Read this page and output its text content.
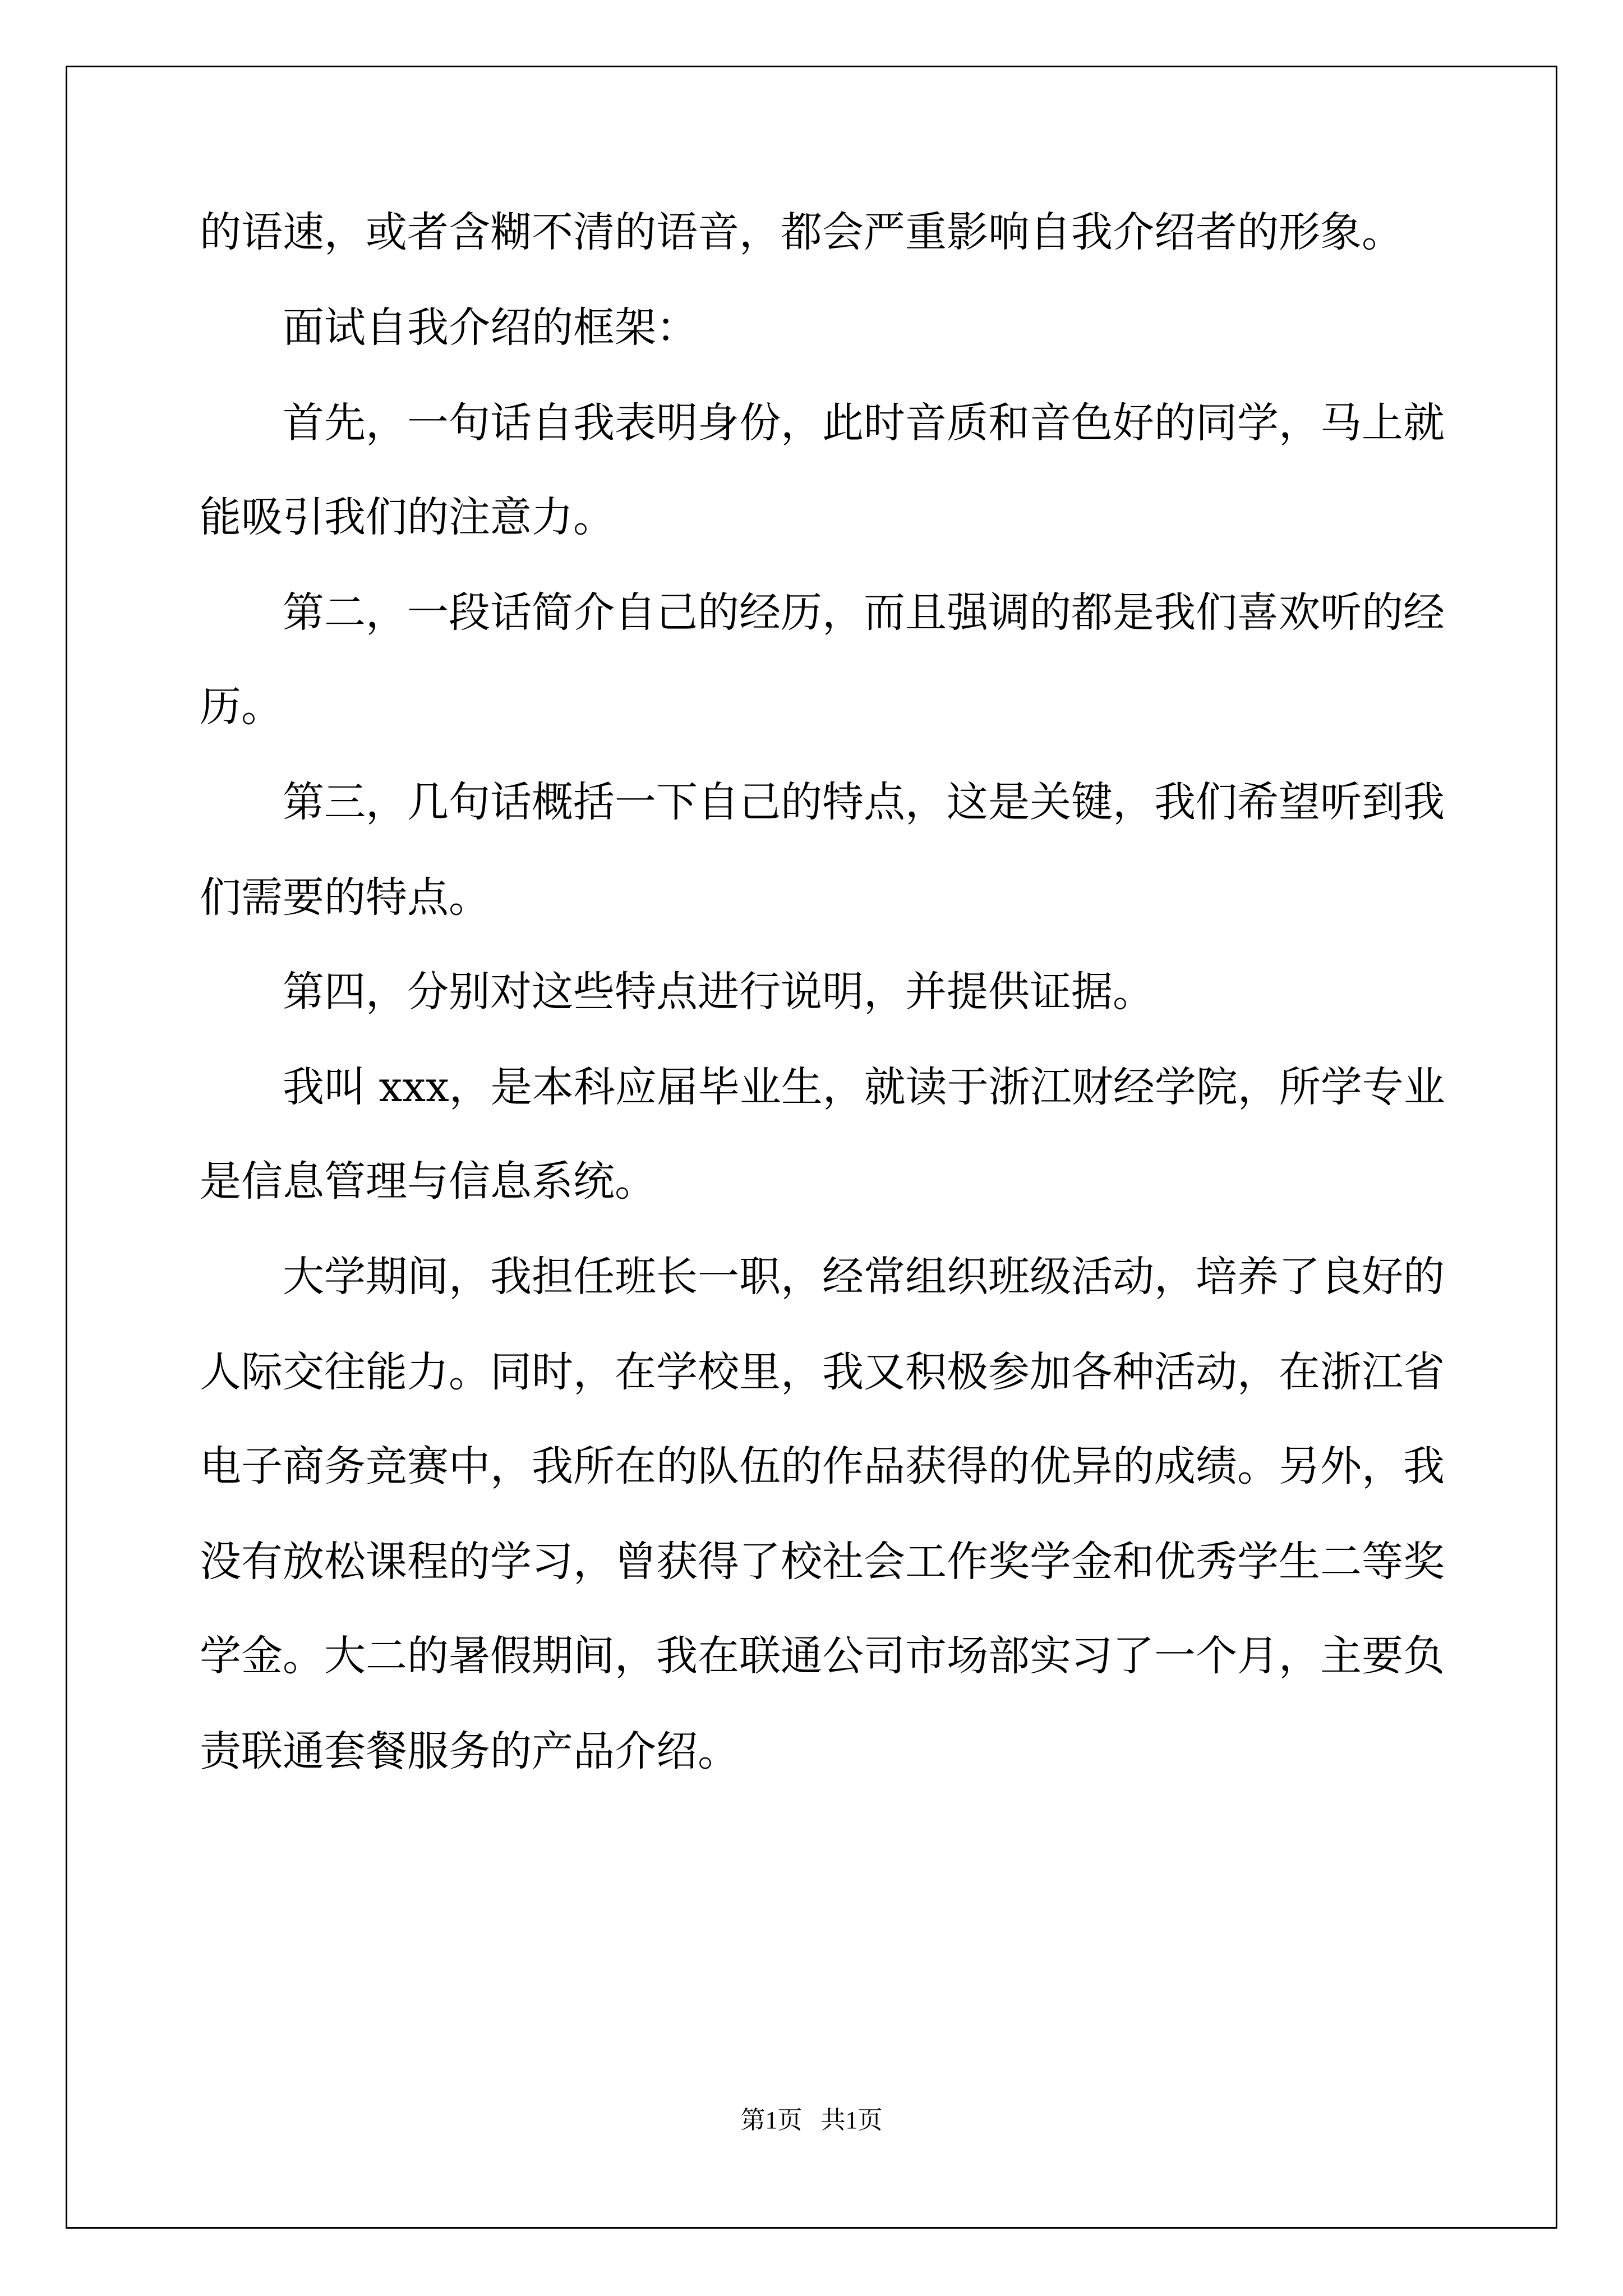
的语速，或者含糊不清的语音，都会严重影响自我介绍者的形象。
面试自我介绍的框架：
首先，一句话自我表明身份，此时音质和音色好的同学，马上就
能吸引我们的注意力。
第二，一段话简介自己的经历，而且强调的都是我们喜欢听的经
历。
第三，几句话概括一下自己的特点，这是关键，我们希望听到我
们需要的特点。
第四，分别对这些特点进行说明，并提供证据。
我叫 xxx，是本科应届毕业生，就读于浙江财经学院，所学专业
是信息管理与信息系统。
大学期间，我担任班长一职，经常组织班级活动，培养了良好的
人际交往能力。同时，在学校里，我又积极参加各种活动，在浙江省
电子商务竞赛中，我所在的队伍的作品获得的优异的成绩。另外，我
没有放松课程的学习，曾获得了校社会工作奖学金和优秀学生二等奖
学金。大二的暑假期间，我在联通公司市场部实习了一个月，主要负
责联通套餐服务的产品介绍。
第1页   共1页
